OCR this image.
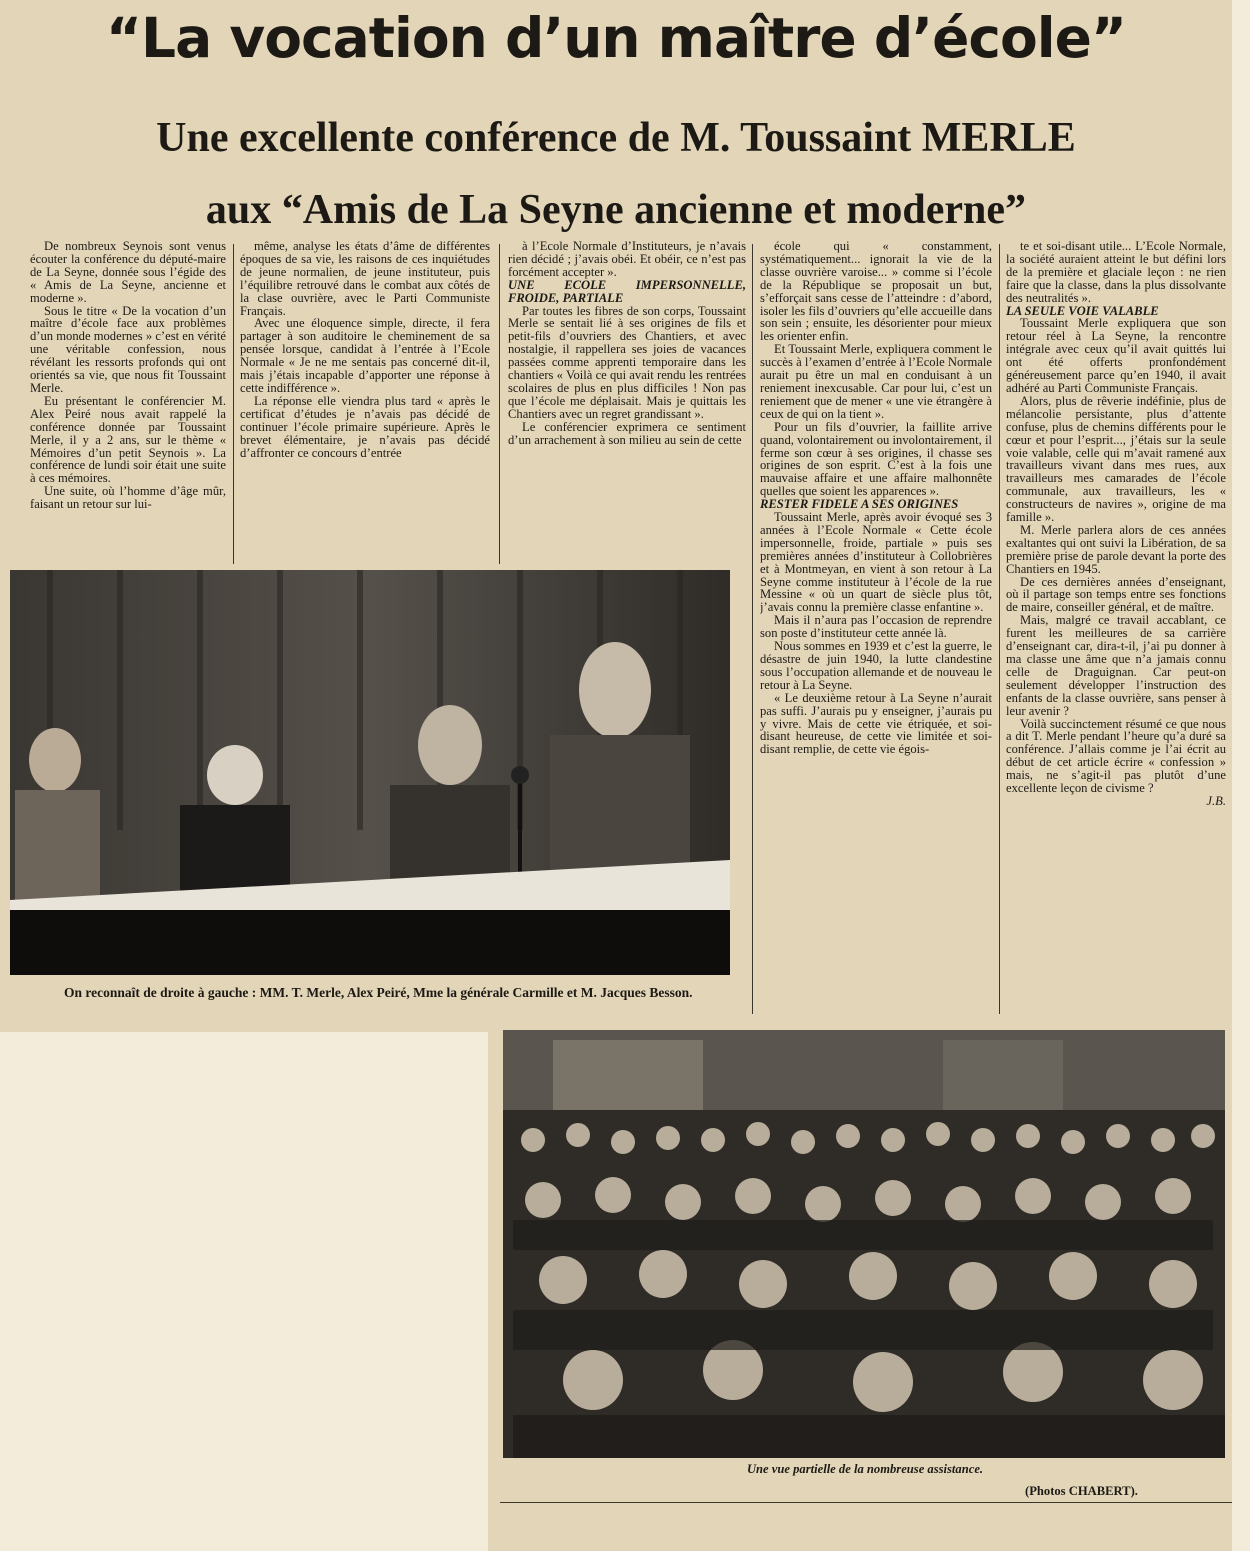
“La vocation d’un maître d’école”
Une excellente conférence de M. Toussaint MERLE
aux “Amis de La Seyne ancienne et moderne”

De nombreux Seynois sont venus écouter la conférence du député-maire de La Seyne, donnée sous l’égide des « Amis de La Seyne, ancienne et moderne ».

Sous le titre « De la vocation d’un maître d’école face aux problèmes d’un monde modernes » c’est en vérité une véritable confession, nous révélant les ressorts profonds qui ont orientés sa vie, que nous fit Toussaint Merle.

Eu présentant le conférencier M. Alex Peiré nous avait rappelé la conférence donnée par Toussaint Merle, il y a 2 ans, sur le thème « Mémoires d’un petit Seynois ». La conférence de lundi soir était une suite à ces mémoires.

Une suite, où l’homme d’âge mûr, faisant un retour sur lui-

même, analyse les états d’âme de différentes époques de sa vie, les raisons de ces inquiétudes de jeune normalien, de jeune instituteur, puis l’équilibre retrouvé dans le combat aux côtés de la clase ouvrière, avec le Parti Communiste Français.

Avec une éloquence simple, directe, il fera partager à son auditoire le cheminement de sa pensée lorsque, candidat à l’entrée à l’Ecole Normale « Je ne me sentais pas concerné dit-il, mais j’étais incapable d’apporter une réponse à cette indifférence ».

La réponse elle viendra plus tard « après le certificat d’études je n’avais pas décidé de continuer l’école primaire supérieure. Après le brevet élémentaire, je n’avais pas décidé d’affronter ce concours d’entrée

à l’Ecole Normale d’Instituteurs, je n’avais rien décidé ; j’avais obéi. Et obéir, ce n’est pas forcément accepter ».

UNE ECOLE IMPERSONNELLE, FROIDE, PARTIALE

Par toutes les fibres de son corps, Toussaint Merle se sentait lié à ses origines de fils et petit-fils d’ouvriers des Chantiers, et avec nostalgie, il rappellera ses joies de vacances passées comme apprenti temporaire dans les chantiers « Voilà ce qui avait rendu les rentrées scolaires de plus en plus difficiles ! Non pas que l’école me déplaisait. Mais je quittais les Chantiers avec un regret grandissant ».

Le conférencier exprimera ce sentiment d’un arrachement à son milieu au sein de cette

école qui « constamment, systématiquement... ignorait la vie de la classe ouvrière varoise... » comme si l’école de la République se proposait un but, s’efforçait sans cesse de l’atteindre : d’abord, isoler les fils d’ouvriers qu’elle accueille dans son sein ; ensuite, les désorienter pour mieux les orienter enfin.

Et Toussaint Merle, expliquera comment le succès à l’examen d’entrée à l’Ecole Normale aurait pu être un mal en conduisant à un reniement inexcusable. Car pour lui, c’est un reniement que de mener « une vie étrangère à ceux de qui on la tient ».

Pour un fils d’ouvrier, la faillite arrive quand, volontairement ou involontairement, il ferme son cœur à ses origines, il chasse ses origines de son esprit. C’est à la fois une mauvaise affaire et une affaire malhonnête quelles que soient les apparences ».

RESTER FIDELE A SES ORIGINES

Toussaint Merle, après avoir évoqué ses 3 années à l’Ecole Normale « Cette école impersonnelle, froide, partiale » puis ses premières années d’instituteur à Collobrières et à Montmeyan, en vient à son retour à La Seyne comme instituteur à l’école de la rue Messine « où un quart de siècle plus tôt, j’avais connu la première classe enfantine ».

Mais il n’aura pas l’occasion de reprendre son poste d’instituteur cette année là.

Nous sommes en 1939 et c’est la guerre, le désastre de juin 1940, la lutte clandestine sous l’occupation allemande et de nouveau le retour à La Seyne.

« Le deuxième retour à La Seyne n’aurait pas suffi. J’aurais pu y enseigner, j’aurais pu y vivre. Mais de cette vie étriquée, et soi-disant heureuse, de cette vie limitée et soi-disant remplie, de cette vie égois-

te et soi-disant utile... L’Ecole Normale, la société auraient atteint le but défini lors de la première et glaciale leçon : ne rien faire que la classe, dans la plus dissolvante des neutralités ».

LA SEULE VOIE VALABLE

Toussaint Merle expliquera que son retour réel à La Seyne, la rencontre intégrale avec ceux qu’il avait quittés lui ont été offerts pronfondément généreusement parce qu’en 1940, il avait adhéré au Parti Communiste Français.

Alors, plus de rêverie indéfinie, plus de mélancolie persistante, plus d’attente confuse, plus de chemins différents pour le cœur et pour l’esprit..., j’étais sur la seule voie valable, celle qui m’avait ramené aux travailleurs vivant dans mes rues, aux travailleurs mes camarades de l’école communale, aux travailleurs, les « constructeurs de navires », origine de ma famille ».

M. Merle parlera alors de ces années exaltantes qui ont suivi la Libération, de sa première prise de parole devant la porte des Chantiers en 1945.

De ces dernières années d’enseignant, où il partage son temps entre ses fonctions de maire, conseiller général, et de maître.

Mais, malgré ce travail accablant, ce furent les meilleures de sa carrière d’enseignant car, dira-t-il, j’ai pu donner à ma classe une âme que n’a jamais connu celle de Draguignan. Car peut-on seulement développer l’instruction des enfants de la classe ouvrière, sans penser à leur avenir ?

Voilà succinctement résumé ce que nous a dit T. Merle pendant l’heure qu’a duré sa conférence. J’allais comme je l’ai écrit au début de cet article écrire « confession » mais, ne s’agit-il pas plutôt d’une excellente leçon de civisme ?

J.B.

On reconnaît de droite à gauche : MM. T. Merle, Alex Peiré, Mme la générale Carmille et M. Jacques Besson.
Une vue partielle de la nombreuse assistance.
(Photos CHABERT).
